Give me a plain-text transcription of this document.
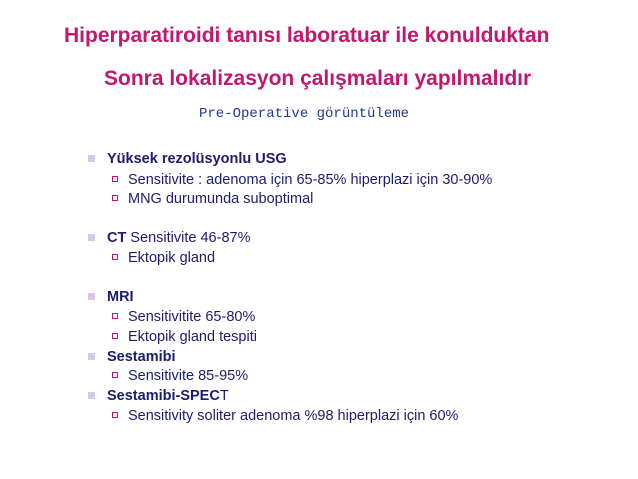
Hiperparatiroidi tanısı laboratuar ile konulduktan
Sonra lokalizasyon çalışmaları yapılmalıdır
Pre-Operative görüntüleme
Yüksek rezolüsyonlu USG
Sensitivite : adenoma için 65-85% hiperplazi için 30-90%
MNG durumunda suboptimal
CT Sensitivite 46-87%
Ektopik gland
MRI
Sensitivitite 65-80%
Ektopik gland tespiti
Sestamibi
Sensitivite 85-95%
Sestamibi-SPECT
Sensitivity soliter adenoma %98 hiperplazi için 60%
